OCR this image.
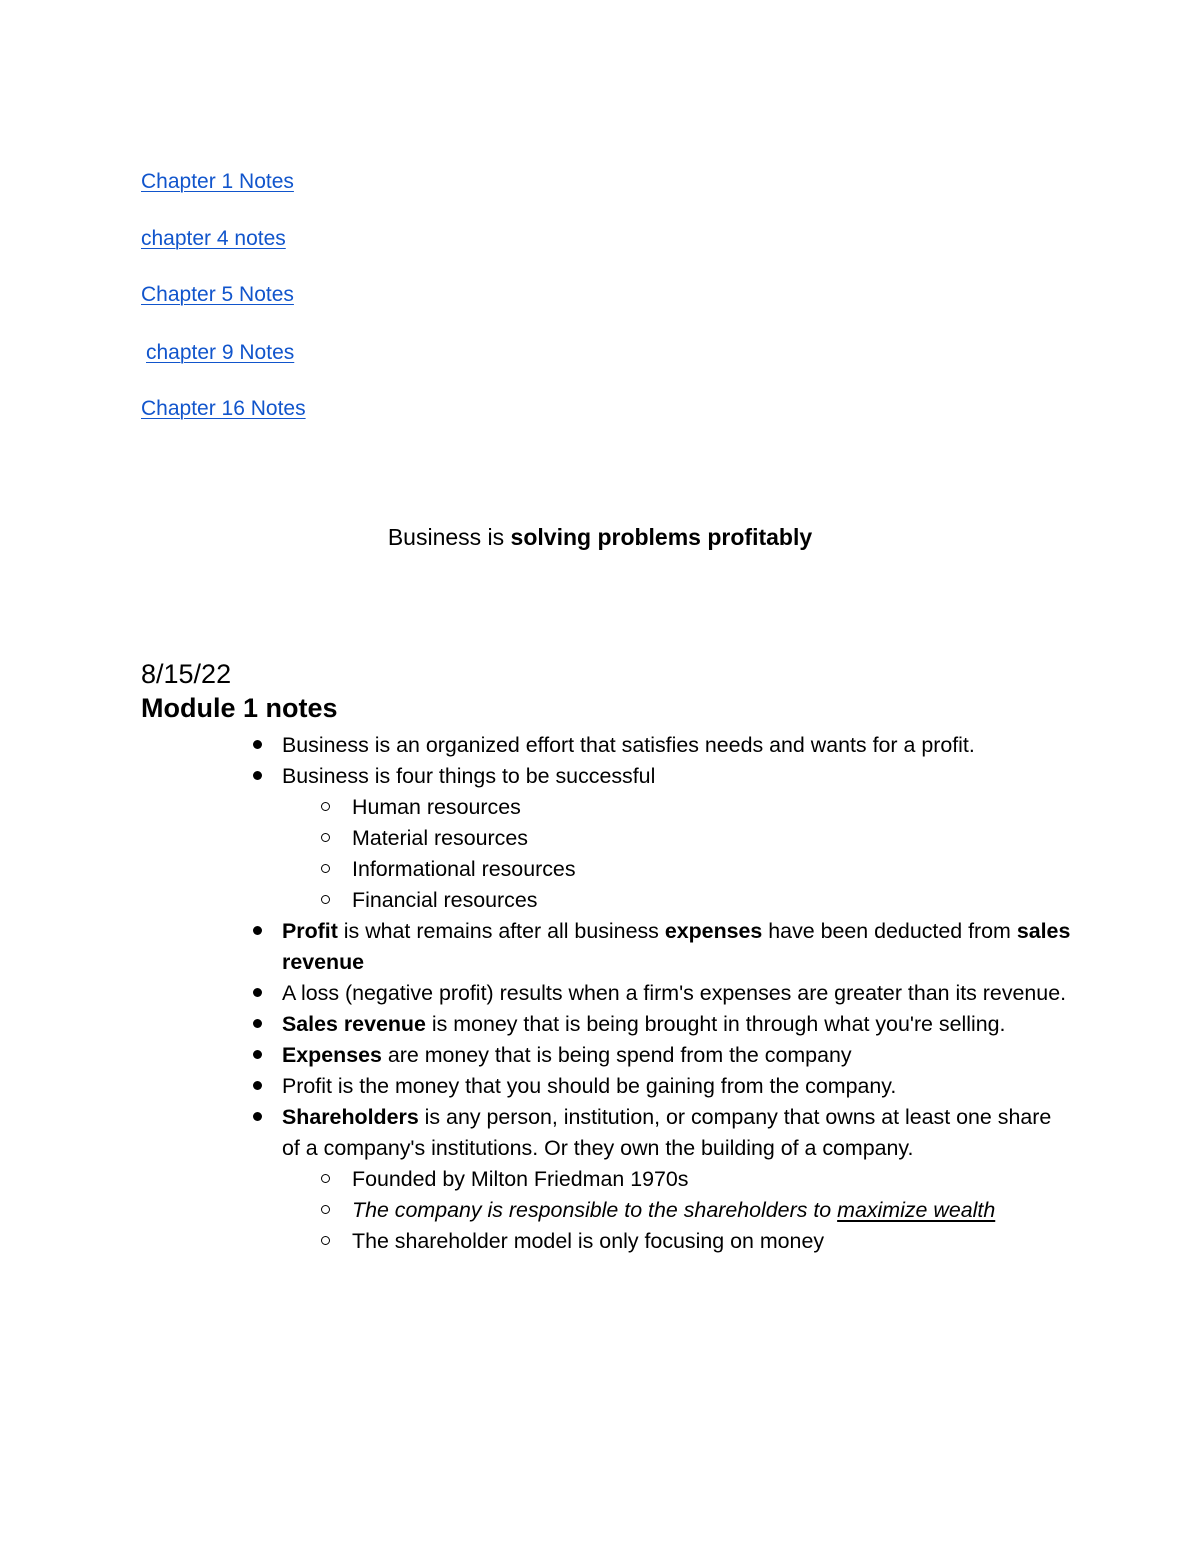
Chapter 1 Notes
chapter 4 notes
Chapter 5 Notes
chapter 9 Notes
Chapter 16 Notes
Business is solving problems profitably
8/15/22
Module 1 notes
Business is an organized effort that satisfies needs and wants for a profit.
Business is four things to be successful
Human resources
Material resources
Informational resources
Financial resources
Profit is what remains after all business expenses have been deducted from sales revenue
A loss (negative profit) results when a firm's expenses are greater than its revenue.
Sales revenue is money that is being brought in through what you're selling.
Expenses are money that is being spend from the company
Profit is the money that you should be gaining from the company.
Shareholders is any person, institution, or company that owns at least one share of a company's institutions. Or they own the building of a company.
Founded by Milton Friedman 1970s
The company is responsible to the shareholders to maximize wealth
The shareholder model is only focusing on money
